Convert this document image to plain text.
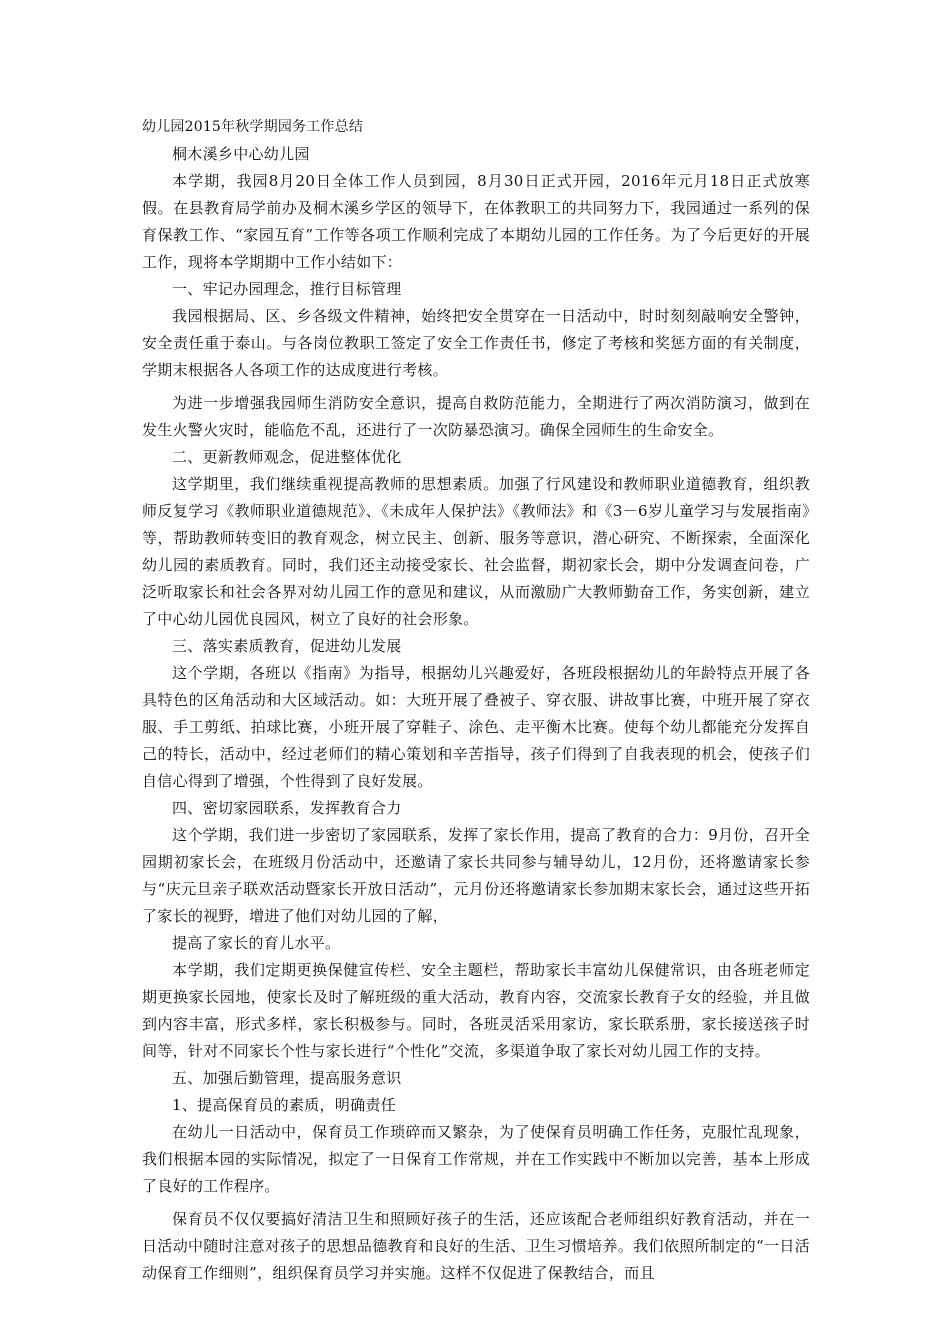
幼儿园2015年秋学期园务工作总结

桐木溪乡中心幼儿园

本学期，我园8月20日全体工作人员到园，8月30日正式开园，2016年元月18日正式放寒假。在县教育局学前办及桐木溪乡学区的领导下，在体教职工的共同努力下，我园通过一系列的保育保教工作、“家园互育”工作等各项工作顺利完成了本期幼儿园的工作任务。为了今后更好的开展工作，现将本学期期中工作小结如下：

一、牢记办园理念，推行目标管理

我园根据局、区、乡各级文件精神，始终把安全贯穿在一日活动中，时时刻刻敲响安全警钟，安全责任重于泰山。与各岗位教职工签定了安全工作责任书，修定了考核和奖惩方面的有关制度，学期末根据各人各项工作的达成度进行考核。

为进一步增强我园师生消防安全意识，提高自救防范能力，全期进行了两次消防演习，做到在发生火警火灾时，能临危不乱，还进行了一次防暴恐演习。确保全园师生的生命安全。

二、更新教师观念，促进整体优化

这学期里，我们继续重视提高教师的思想素质。加强了行风建设和教师职业道德教育，组织教师反复学习《教师职业道德规范》、《未成年人保护法》《教师法》和《3－6岁儿童学习与发展指南》等，帮助教师转变旧的教育观念，树立民主、创新、服务等意识，潜心研究、不断探索，全面深化幼儿园的素质教育。同时，我们还主动接受家长、社会监督，期初家长会，期中分发调查问卷，广泛听取家长和社会各界对幼儿园工作的意见和建议，从而激励广大教师勤奋工作，务实创新，建立了中心幼儿园优良园风，树立了良好的社会形象。

三、落实素质教育，促进幼儿发展

这个学期，各班以《指南》为指导，根据幼儿兴趣爱好，各班段根据幼儿的年龄特点开展了各具特色的区角活动和大区域活动。如：大班开展了叠被子、穿衣服、讲故事比赛，中班开展了穿衣服、手工剪纸、拍球比赛，小班开展了穿鞋子、涂色、走平衡木比赛。使每个幼儿都能充分发挥自己的特长，活动中，经过老师们的精心策划和辛苦指导，孩子们得到了自我表现的机会，使孩子们自信心得到了增强，个性得到了良好发展。

四、密切家园联系，发挥教育合力

这个学期，我们进一步密切了家园联系，发挥了家长作用，提高了教育的合力：9月份，召开全园期初家长会，在班级月份活动中，还邀请了家长共同参与辅导幼儿，12月份，还将邀请家长参与“庆元旦亲子联欢活动暨家长开放日活动”，元月份还将邀请家长参加期末家长会，通过这些开拓了家长的视野，增进了他们对幼儿园的了解，

提高了家长的育儿水平。

本学期，我们定期更换保健宣传栏、安全主题栏，帮助家长丰富幼儿保健常识，由各班老师定期更换家长园地，使家长及时了解班级的重大活动，教育内容，交流家长教育子女的经验，并且做到内容丰富，形式多样，家长积极参与。同时，各班灵活采用家访，家长联系册，家长接送孩子时间等，针对不同家长个性与家长进行“个性化”交流，多渠道争取了家长对幼儿园工作的支持。

五、加强后勤管理，提高服务意识

1、提高保育员的素质，明确责任

在幼儿一日活动中，保育员工作琐碎而又繁杂，为了使保育员明确工作任务，克服忙乱现象，我们根据本园的实际情况，拟定了一日保育工作常规，并在工作实践中不断加以完善，基本上形成了良好的工作程序。

保育员不仅仅要搞好清洁卫生和照顾好孩子的生活，还应该配合老师组织好教育活动，并在一日活动中随时注意对孩子的思想品德教育和良好的生活、卫生习惯培养。我们依照所制定的“一日活动保育工作细则”，组织保育员学习并实施。这样不仅促进了保教结合，而且
